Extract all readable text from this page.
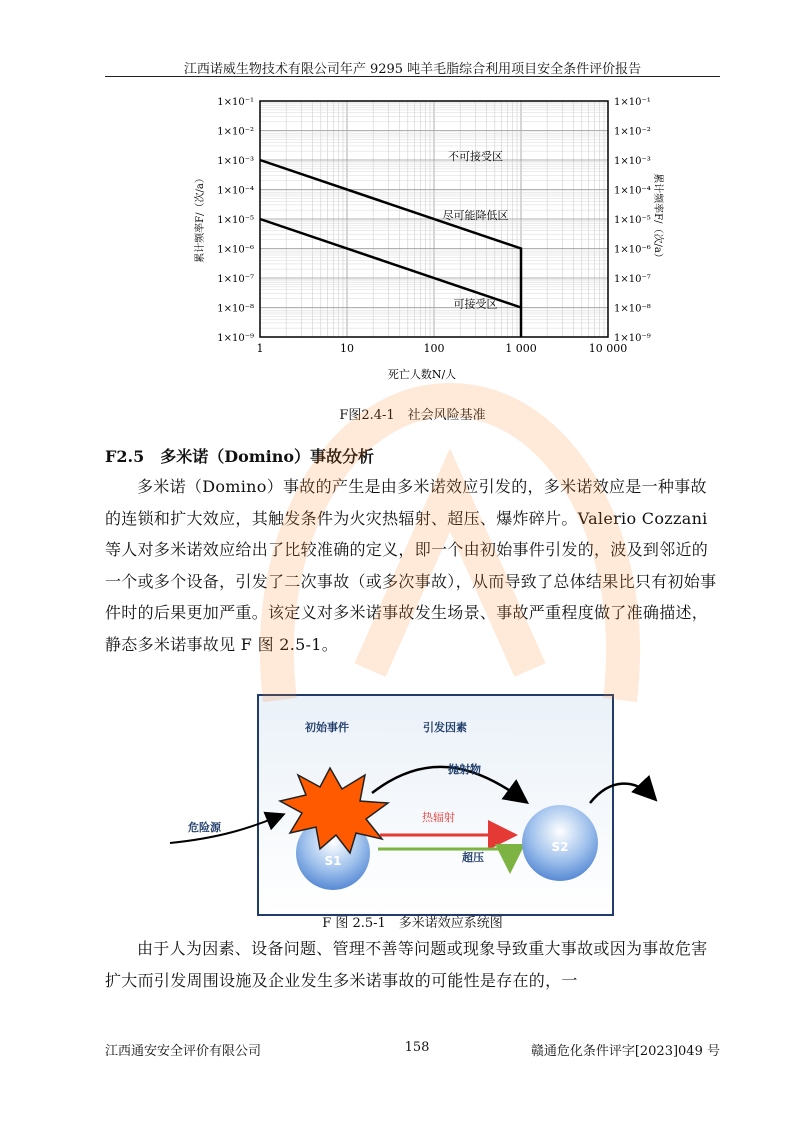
江西诺威生物技术有限公司年产 9295 吨羊毛脂综合利用项目安全条件评价报告
1×10⁻¹	1×10⁻¹
1×10⁻²	1×10⁻²
1×10⁻³	1×10⁻³
1×10⁻⁴	1×10⁻⁴
1×10⁻⁵	1×10⁻⁵
1×10⁻⁶	1×10⁻⁶
1×10⁻⁷	1×10⁻⁷
1×10⁻⁸	1×10⁻⁸
1×10⁻⁹	1×10⁻⁹
1	10	100	1 000	10 000
不可接受区
尽可能降低区
可接受区
死亡人数N/人
累计频率F/（次/a）	累计频率F/（次/a）
F图2.4-1　社会风险基准
F2.5　多米诺（Domino）事故分析
多米诺（Domino）事故的产生是由多米诺效应引发的，多米诺效应是一种事故的连锁和扩大效应，其触发条件为火灾热辐射、超压、爆炸碎片。Valerio Cozzani 等人对多米诺效应给出了比较准确的定义，即一个由初始事件引发的，波及到邻近的一个或多个设备，引发了二次事故（或多次事故），从而导致了总体结果比只有初始事件时的后果更加严重。该定义对多米诺事故发生场景、事故严重程度做了准确描述，静态多米诺事故见 F 图 2.5-1。
初始事件	引发因素
危险源
S1
抛射物
热辐射
超压
S2
F 图 2.5-1　多米诺效应系统图
由于人为因素、设备问题、管理不善等问题或现象导致重大事故或因为事故危害扩大而引发周围设施及企业发生多米诺事故的可能性是存在的，一
江西通安安全评价有限公司	158	赣通危化条件评字[2023]049 号
